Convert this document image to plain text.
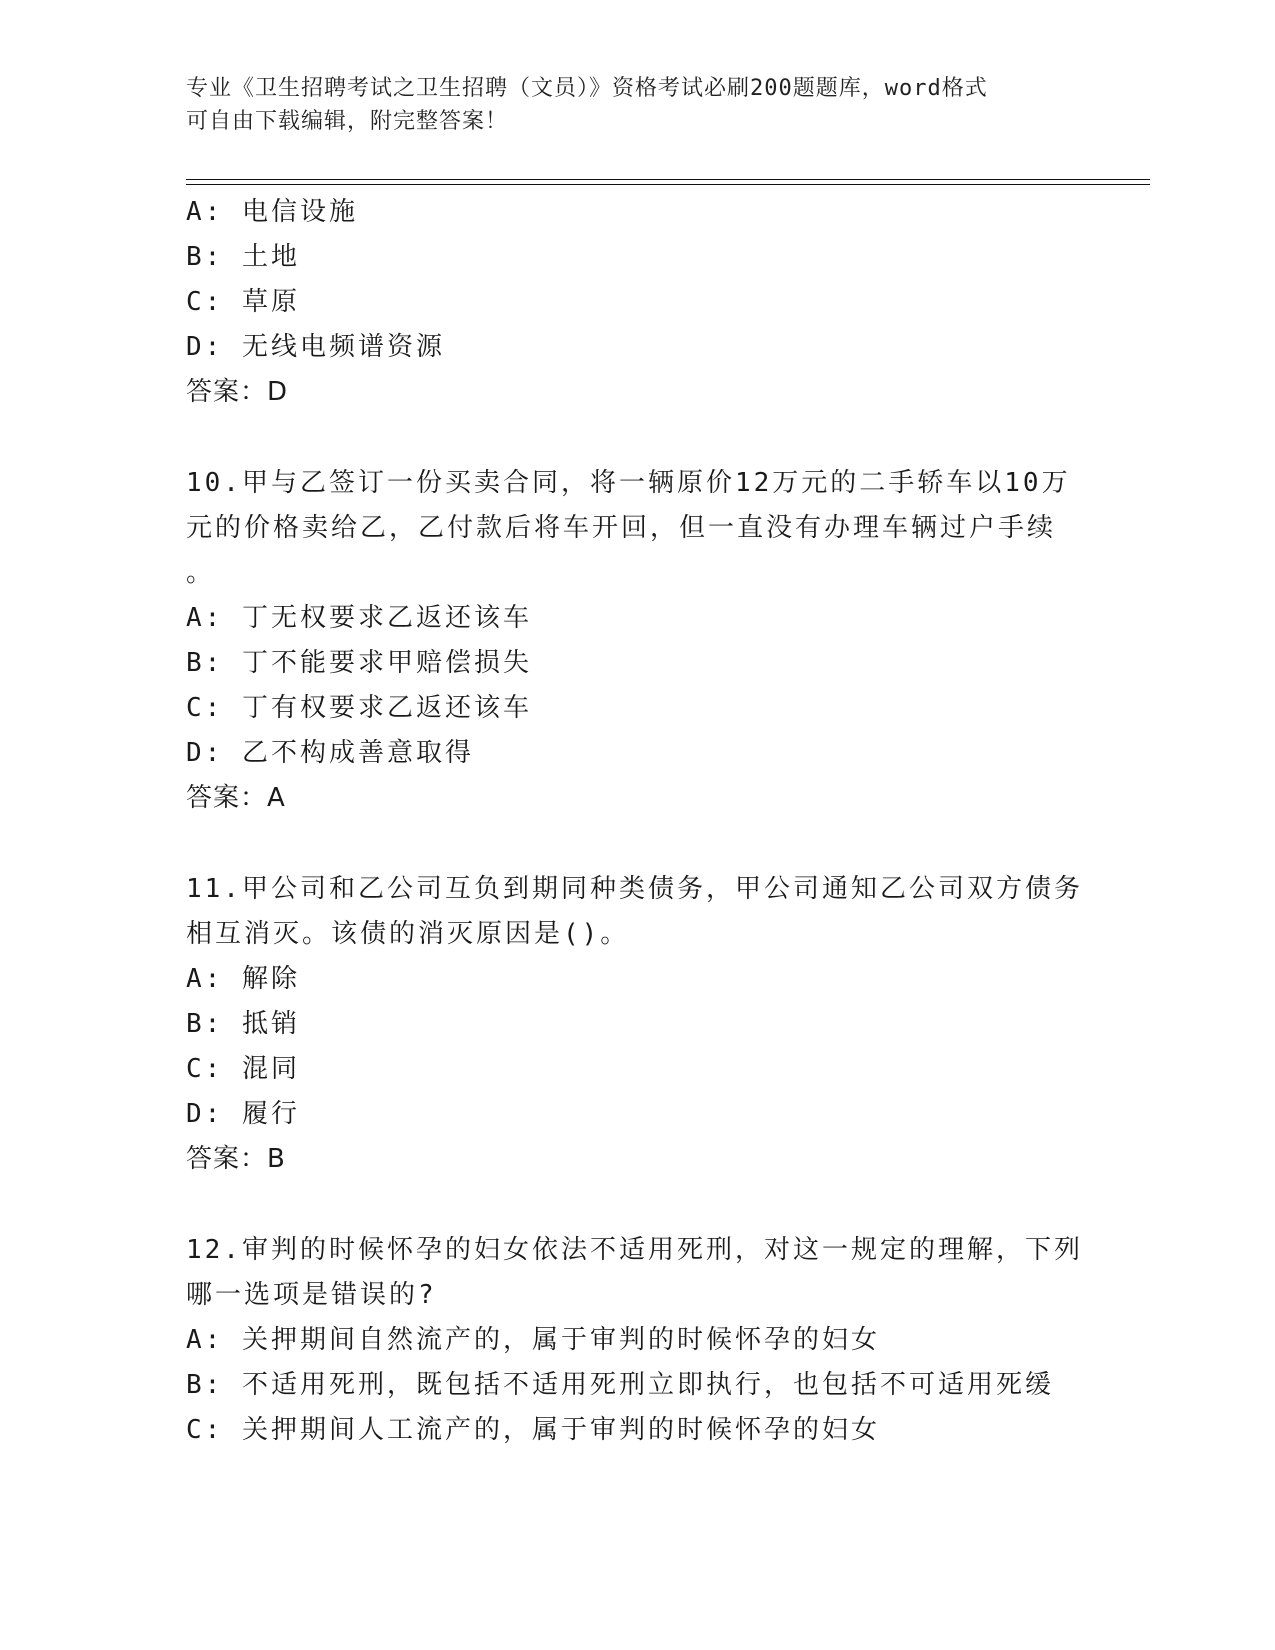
专业《卫生招聘考试之卫生招聘（文员）》资格考试必刷200题题库，word格式
可自由下载编辑，附完整答案！
A: 电信设施
B: 土地
C: 草原
D: 无线电频谱资源
答案：D
10.甲与乙签订一份买卖合同，将一辆原价12万元的二手轿车以10万
元的价格卖给乙，乙付款后将车开回，但一直没有办理车辆过户手续
。
A: 丁无权要求乙返还该车
B: 丁不能要求甲赔偿损失
C: 丁有权要求乙返还该车
D: 乙不构成善意取得
答案：A
11.甲公司和乙公司互负到期同种类债务，甲公司通知乙公司双方债务
相互消灭。该债的消灭原因是()。
A: 解除
B: 抵销
C: 混同
D: 履行
答案：B
12.审判的时候怀孕的妇女依法不适用死刑，对这一规定的理解，下列
哪一选项是错误的?
A: 关押期间自然流产的，属于审判的时候怀孕的妇女
B: 不适用死刑，既包括不适用死刑立即执行，也包括不可适用死缓
C: 关押期间人工流产的，属于审判的时候怀孕的妇女
